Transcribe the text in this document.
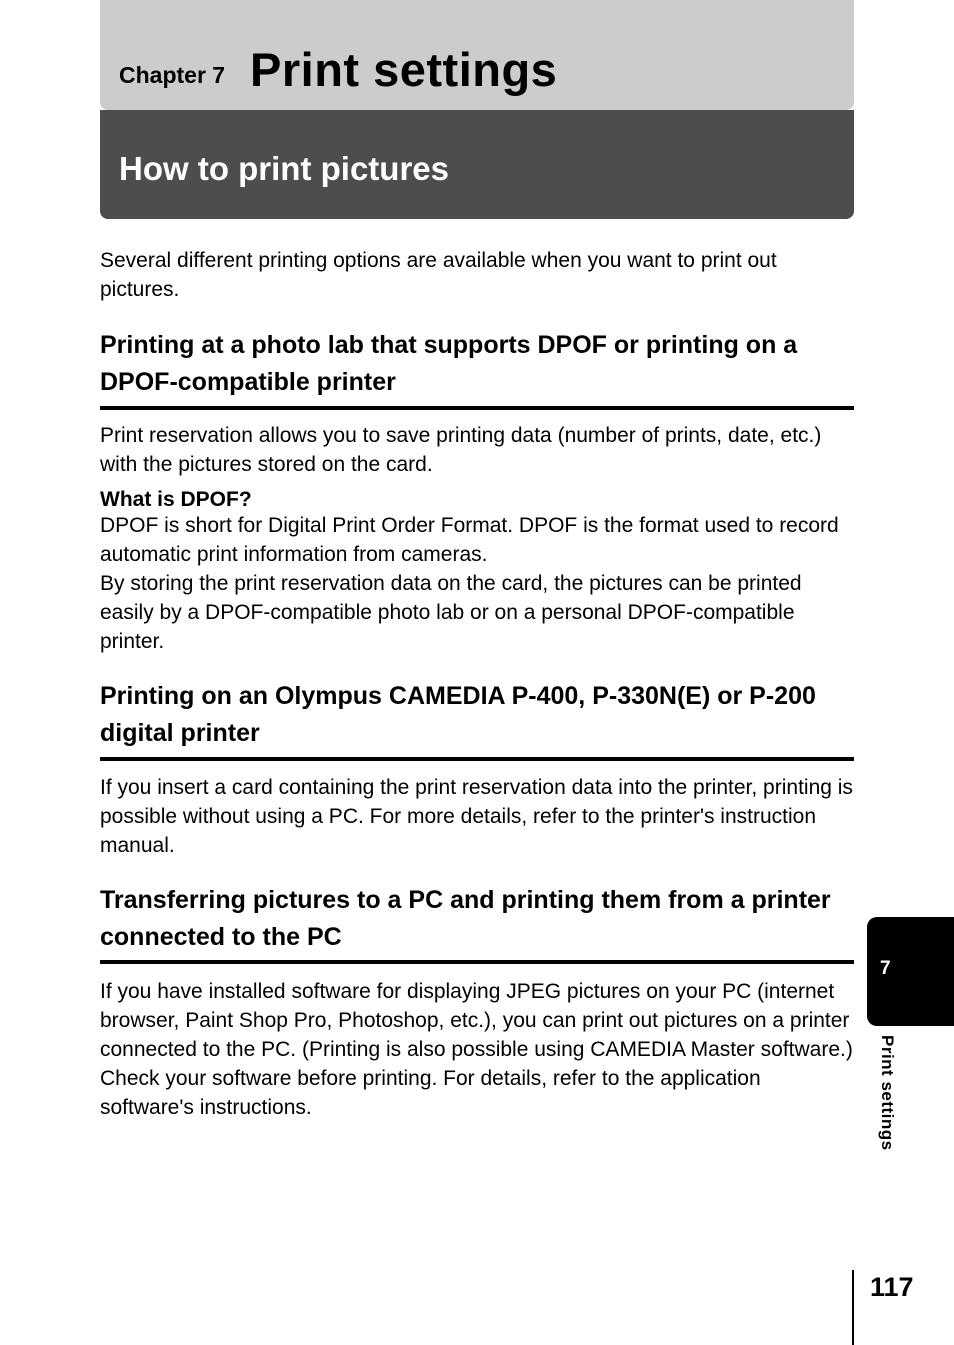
Chapter 7 Print settings
How to print pictures

Several different printing options are available when you want to print out pictures.

Printing at a photo lab that supports DPOF or printing on a DPOF-compatible printer

Print reservation allows you to save printing data (number of prints, date, etc.) with the pictures stored on the card.

What is DPOF?

DPOF is short for Digital Print Order Format. DPOF is the format used to record automatic print information from cameras.

By storing the print reservation data on the card, the pictures can be printed easily by a DPOF-compatible photo lab or on a personal DPOF-compatible printer.

Printing on an Olympus CAMEDIA P-400, P-330N(E) or P-200 digital printer

If you insert a card containing the print reservation data into the printer, printing is possible without using a PC. For more details, refer to the printer's instruction manual.

Transferring pictures to a PC and printing them from a printer connected to the PC

If you have installed software for displaying JPEG pictures on your PC (internet browser, Paint Shop Pro, Photoshop, etc.), you can print out pictures on a printer connected to the PC. (Printing is also possible using CAMEDIA Master software.) Check your software before printing. For details, refer to the application software's instructions.

7
Print settings
117
